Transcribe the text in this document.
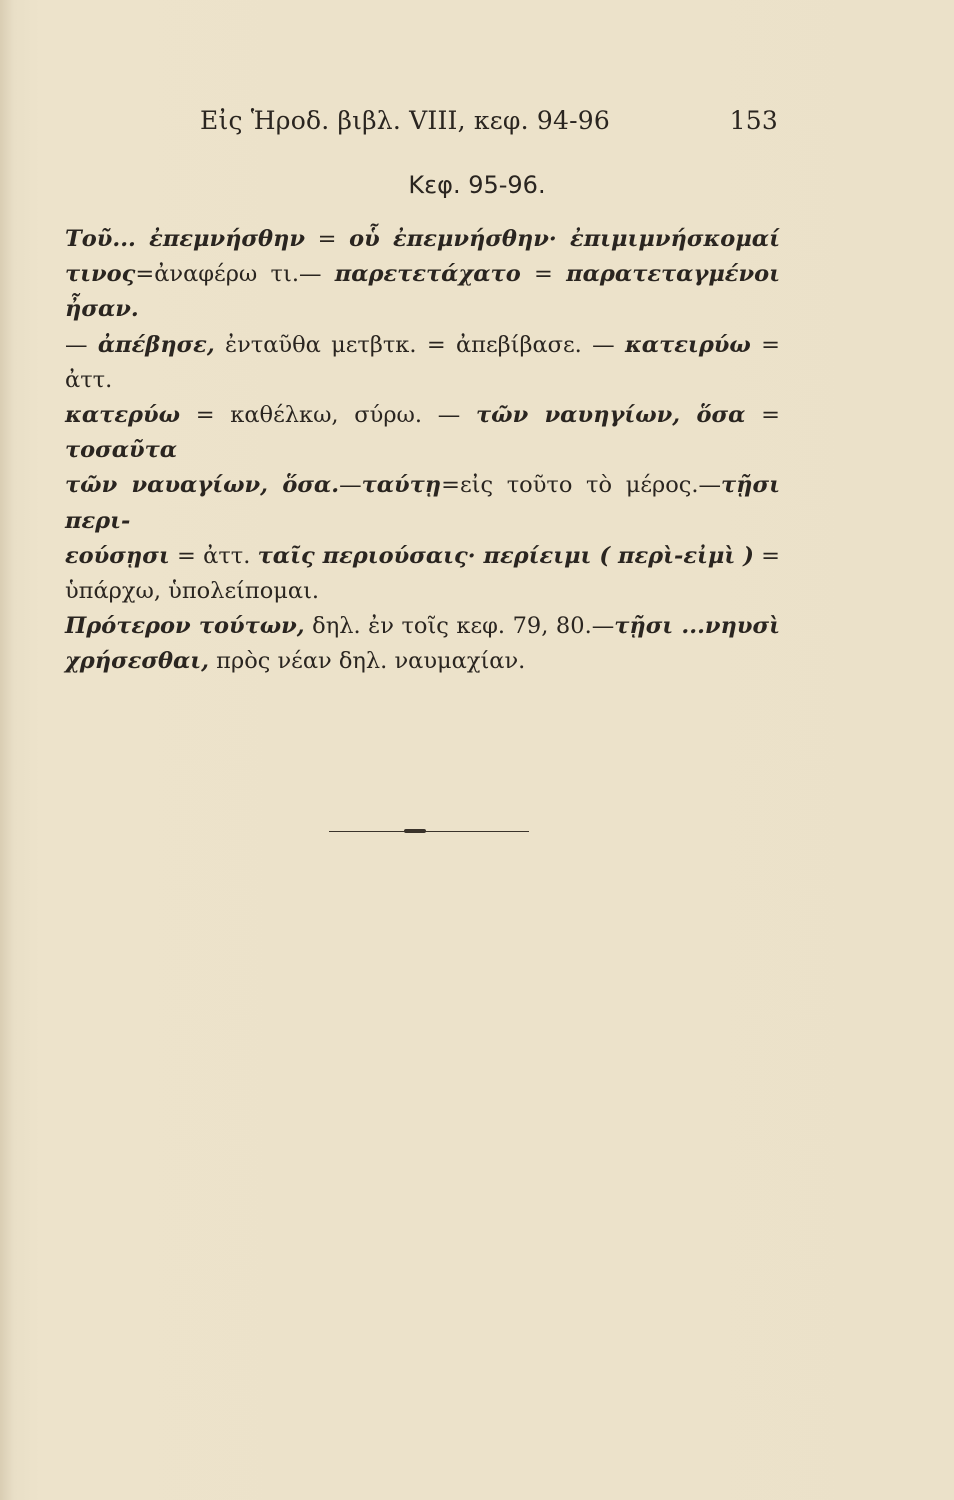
Εἰς Ἡροδ. βιβλ. VIII, κεφ. 94-96	153
Κεφ. 95-96.
Τοῦ... ἐπεμνήσθην = οὗ ἐπεμνήσθην· ἐπιμιμνήσκομαί
τινος=ἀναφέρω τι.— παρετετάχατο = παρατεταγμένοι ἦσαν.
— ἀπέβησε, ἐνταῦθα μετβτκ. = ἀπεβίβασε. — κατειρύω = ἀττ.
κατερύω = καθέλκω, σύρω. — τῶν ναυηγίων, ὅσα = τοσαῦτα
τῶν ναυαγίων, ὅσα.—ταύτῃ=εἰς τοῦτο τὸ μέρος.—τῇσι περι-
εούσῃσι = ἀττ. ταῖς περιούσαις· περίειμι ( περὶ-εἰμὶ ) =
ὑπάρχω, ὑπολείπομαι.
Πρότερον τούτων, δηλ. ἐν τοῖς κεφ. 79, 80.—τῇσι ...νηυσὶ
χρήσεσθαι, πρὸς νέαν δηλ. ναυμαχίαν.
